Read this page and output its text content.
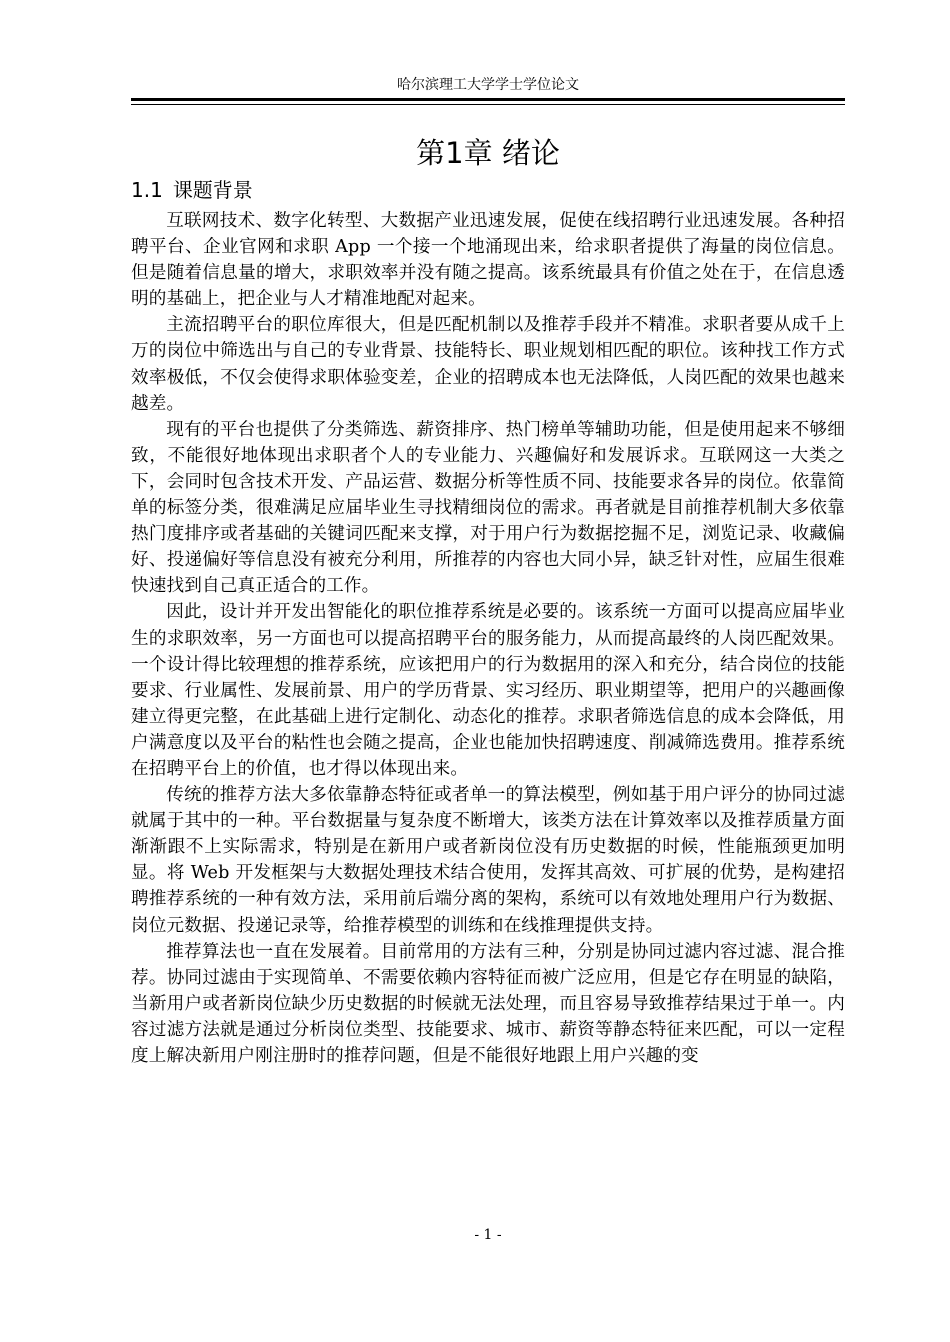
哈尔滨理工大学学士学位论文
第1章 绪论
1.1 课题背景

互联网技术、数字化转型、大数据产业迅速发展，促使在线招聘行业迅速发展。各种招聘平台、企业官网和求职 App 一个接一个地涌现出来，给求职者提供了海量的岗位信息。但是随着信息量的增大，求职效率并没有随之提高。该系统最具有价值之处在于，在信息透明的基础上，把企业与人才精准地配对起来。

主流招聘平台的职位库很大，但是匹配机制以及推荐手段并不精准。求职者要从成千上万的岗位中筛选出与自己的专业背景、技能特长、职业规划相匹配的职位。该种找工作方式效率极低，不仅会使得求职体验变差，企业的招聘成本也无法降低，人岗匹配的效果也越来越差。

现有的平台也提供了分类筛选、薪资排序、热门榜单等辅助功能，但是使用起来不够细致，不能很好地体现出求职者个人的专业能力、兴趣偏好和发展诉求。互联网这一大类之下，会同时包含技术开发、产品运营、数据分析等性质不同、技能要求各异的岗位。依靠简单的标签分类，很难满足应届毕业生寻找精细岗位的需求。再者就是目前推荐机制大多依靠热门度排序或者基础的关键词匹配来支撑，对于用户行为数据挖掘不足，浏览记录、收藏偏好、投递偏好等信息没有被充分利用，所推荐的内容也大同小异，缺乏针对性，应届生很难快速找到自己真正适合的工作。

因此，设计并开发出智能化的职位推荐系统是必要的。该系统一方面可以提高应届毕业生的求职效率，另一方面也可以提高招聘平台的服务能力，从而提高最终的人岗匹配效果。一个设计得比较理想的推荐系统，应该把用户的行为数据用的深入和充分，结合岗位的技能要求、行业属性、发展前景、用户的学历背景、实习经历、职业期望等，把用户的兴趣画像建立得更完整，在此基础上进行定制化、动态化的推荐。求职者筛选信息的成本会降低，用户满意度以及平台的粘性也会随之提高，企业也能加快招聘速度、削减筛选费用。推荐系统在招聘平台上的价值，也才得以体现出来。

传统的推荐方法大多依靠静态特征或者单一的算法模型，例如基于用户评分的协同过滤就属于其中的一种。平台数据量与复杂度不断增大，该类方法在计算效率以及推荐质量方面渐渐跟不上实际需求，特别是在新用户或者新岗位没有历史数据的时候，性能瓶颈更加明显。将 Web 开发框架与大数据处理技术结合使用，发挥其高效、可扩展的优势，是构建招聘推荐系统的一种有效方法，采用前后端分离的架构，系统可以有效地处理用户行为数据、岗位元数据、投递记录等，给推荐模型的训练和在线推理提供支持。

推荐算法也一直在发展着。目前常用的方法有三种，分别是协同过滤内容过滤、混合推荐。协同过滤由于实现简单、不需要依赖内容特征而被广泛应用，但是它存在明显的缺陷，当新用户或者新岗位缺少历史数据的时候就无法处理，而且容易导致推荐结果过于单一。内容过滤方法就是通过分析岗位类型、技能要求、城市、薪资等静态特征来匹配，可以一定程度上解决新用户刚注册时的推荐问题，但是不能很好地跟上用户兴趣的变

- 1 -
